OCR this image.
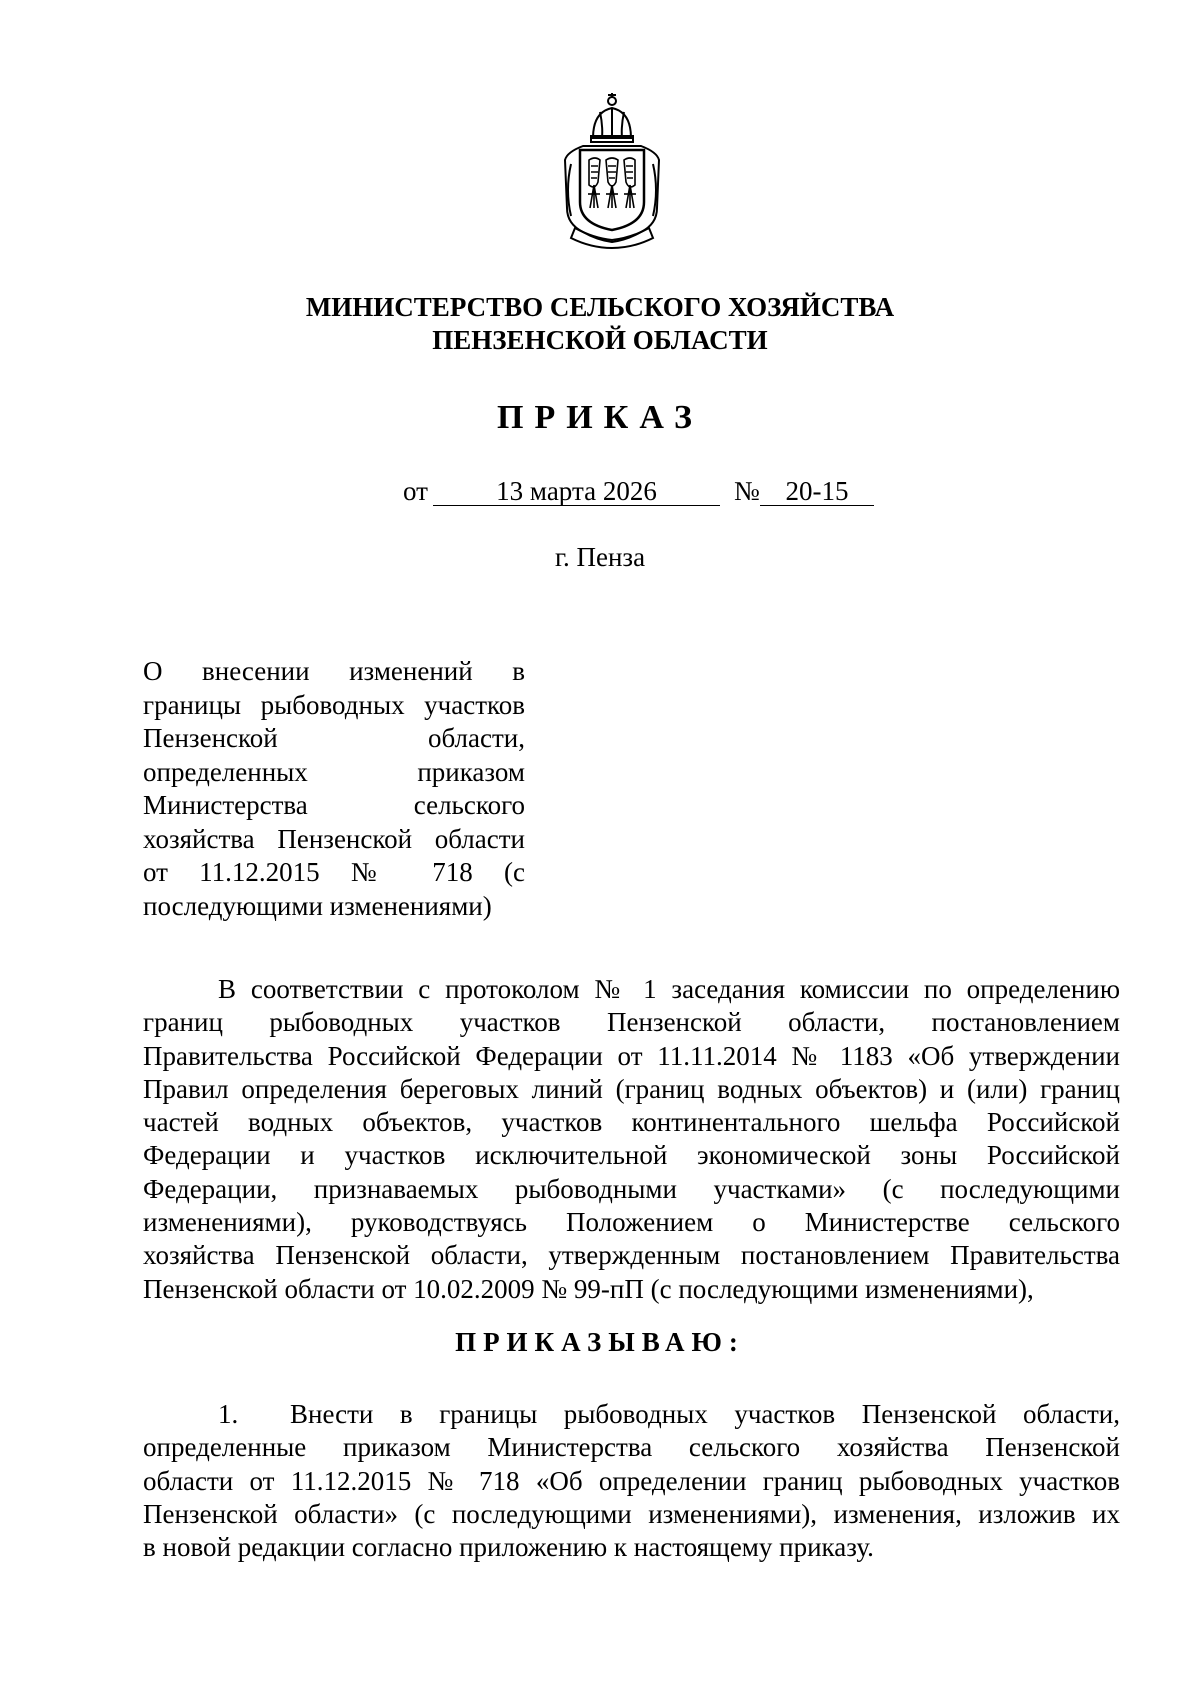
МИНИСТЕРСТВО СЕЛЬСКОГО ХОЗЯЙСТВА
ПЕНЗЕНСКОЙ ОБЛАСТИ
ПРИКАЗ
от	13 марта 2026	№ 20-15
г. Пенза
О внесении изменений в
границы рыбоводных участков
Пензенской области,
определенных приказом
Министерства сельского
хозяйства Пензенской области
от 11.12.2015 № 718 (с
последующими изменениями)
В соответствии с протоколом № 1 заседания комиссии по определению
границ рыбоводных участков Пензенской области, постановлением
Правительства Российской Федерации от 11.11.2014 № 1183 «Об утверждении
Правил определения береговых линий (границ водных объектов) и (или) границ
частей водных объектов, участков континентального шельфа Российской
Федерации и участков исключительной экономической зоны Российской
Федерации, признаваемых рыбоводными участками» (с последующими
изменениями), руководствуясь Положением о Министерстве сельского
хозяйства Пензенской области, утвержденным постановлением Правительства
Пензенской области от 10.02.2009 № 99-пП (с последующими изменениями),
ПРИКАЗЫВАЮ:
1. Внести в границы рыбоводных участков Пензенской области,
определенные приказом Министерства сельского хозяйства Пензенской
области от 11.12.2015 № 718 «Об определении границ рыбоводных участков
Пензенской области» (с последующими изменениями), изменения, изложив их
в новой редакции согласно приложению к настоящему приказу.
